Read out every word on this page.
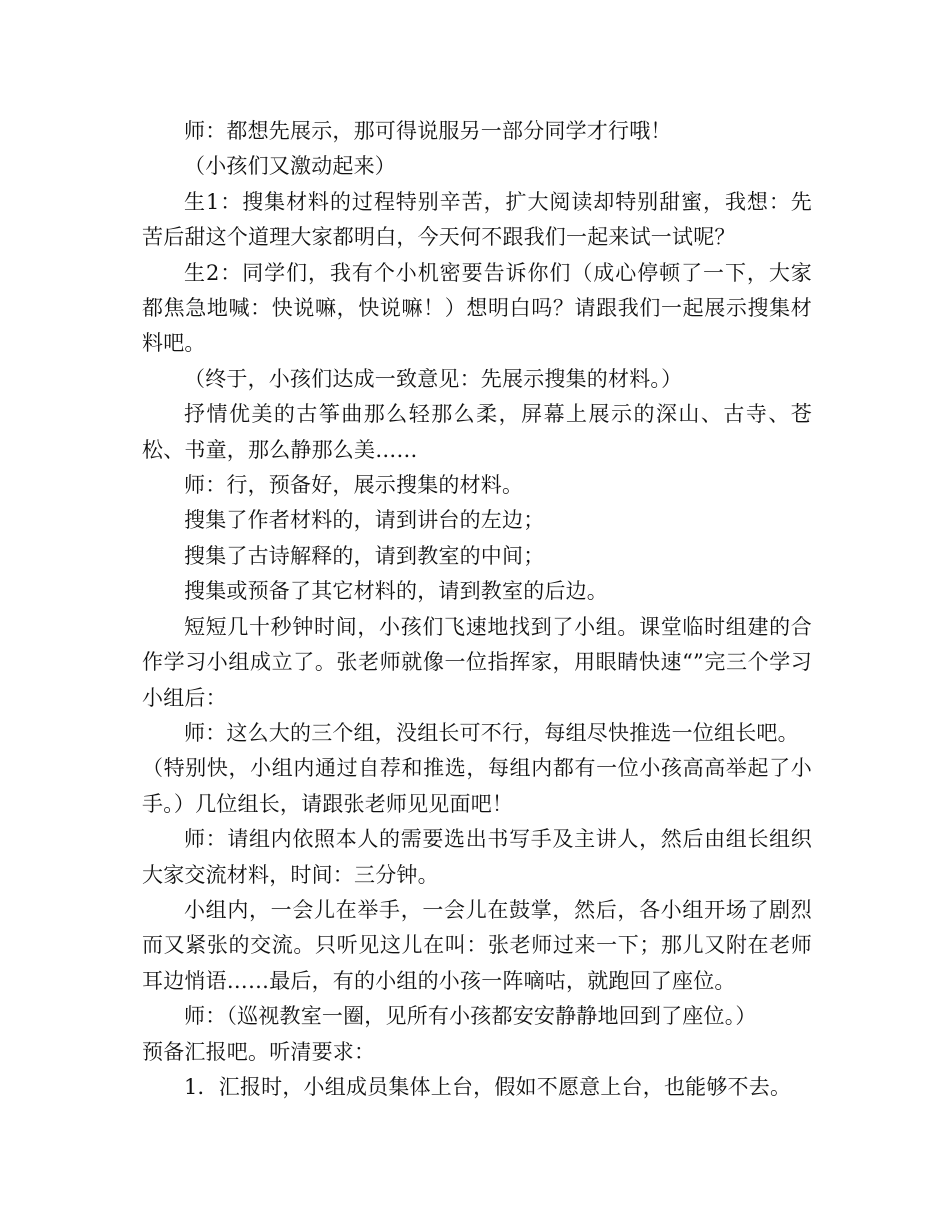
师：都想先展示，那可得说服另一部分同学才行哦！

（小孩们又激动起来）

生1：搜集材料的过程特别辛苦，扩大阅读却特别甜蜜，我想：先苦后甜这个道理大家都明白，今天何不跟我们一起来试一试呢？

生2：同学们，我有个小机密要告诉你们（成心停顿了一下，大家都焦急地喊：快说嘛，快说嘛！）想明白吗？请跟我们一起展示搜集材料吧。

（终于，小孩们达成一致意见：先展示搜集的材料。）

抒情优美的古筝曲那么轻那么柔，屏幕上展示的深山、古寺、苍松、书童，那么静那么美……

师：行，预备好，展示搜集的材料。

搜集了作者材料的，请到讲台的左边；

搜集了古诗解释的，请到教室的中间；

搜集或预备了其它材料的，请到教室的后边。

短短几十秒钟时间，小孩们飞速地找到了小组。课堂临时组建的合作学习小组成立了。张老师就像一位指挥家，用眼睛快速“”完三个学习小组后：

师：这么大的三个组，没组长可不行，每组尽快推选一位组长吧。

（特别快，小组内通过自荐和推选，每组内都有一位小孩高高举起了小手。）几位组长，请跟张老师见见面吧！

师：请组内依照本人的需要选出书写手及主讲人，然后由组长组织大家交流材料，时间：三分钟。

小组内，一会儿在举手，一会儿在鼓掌，然后，各小组开场了剧烈而又紧张的交流。只听见这儿在叫：张老师过来一下；那儿又附在老师耳边悄语……最后，有的小组的小孩一阵嘀咕，就跑回了座位。

师：（巡视教室一圈，见所有小孩都安安静静地回到了座位。）

预备汇报吧。听清要求：

1．汇报时，小组成员集体上台，假如不愿意上台，也能够不去。
